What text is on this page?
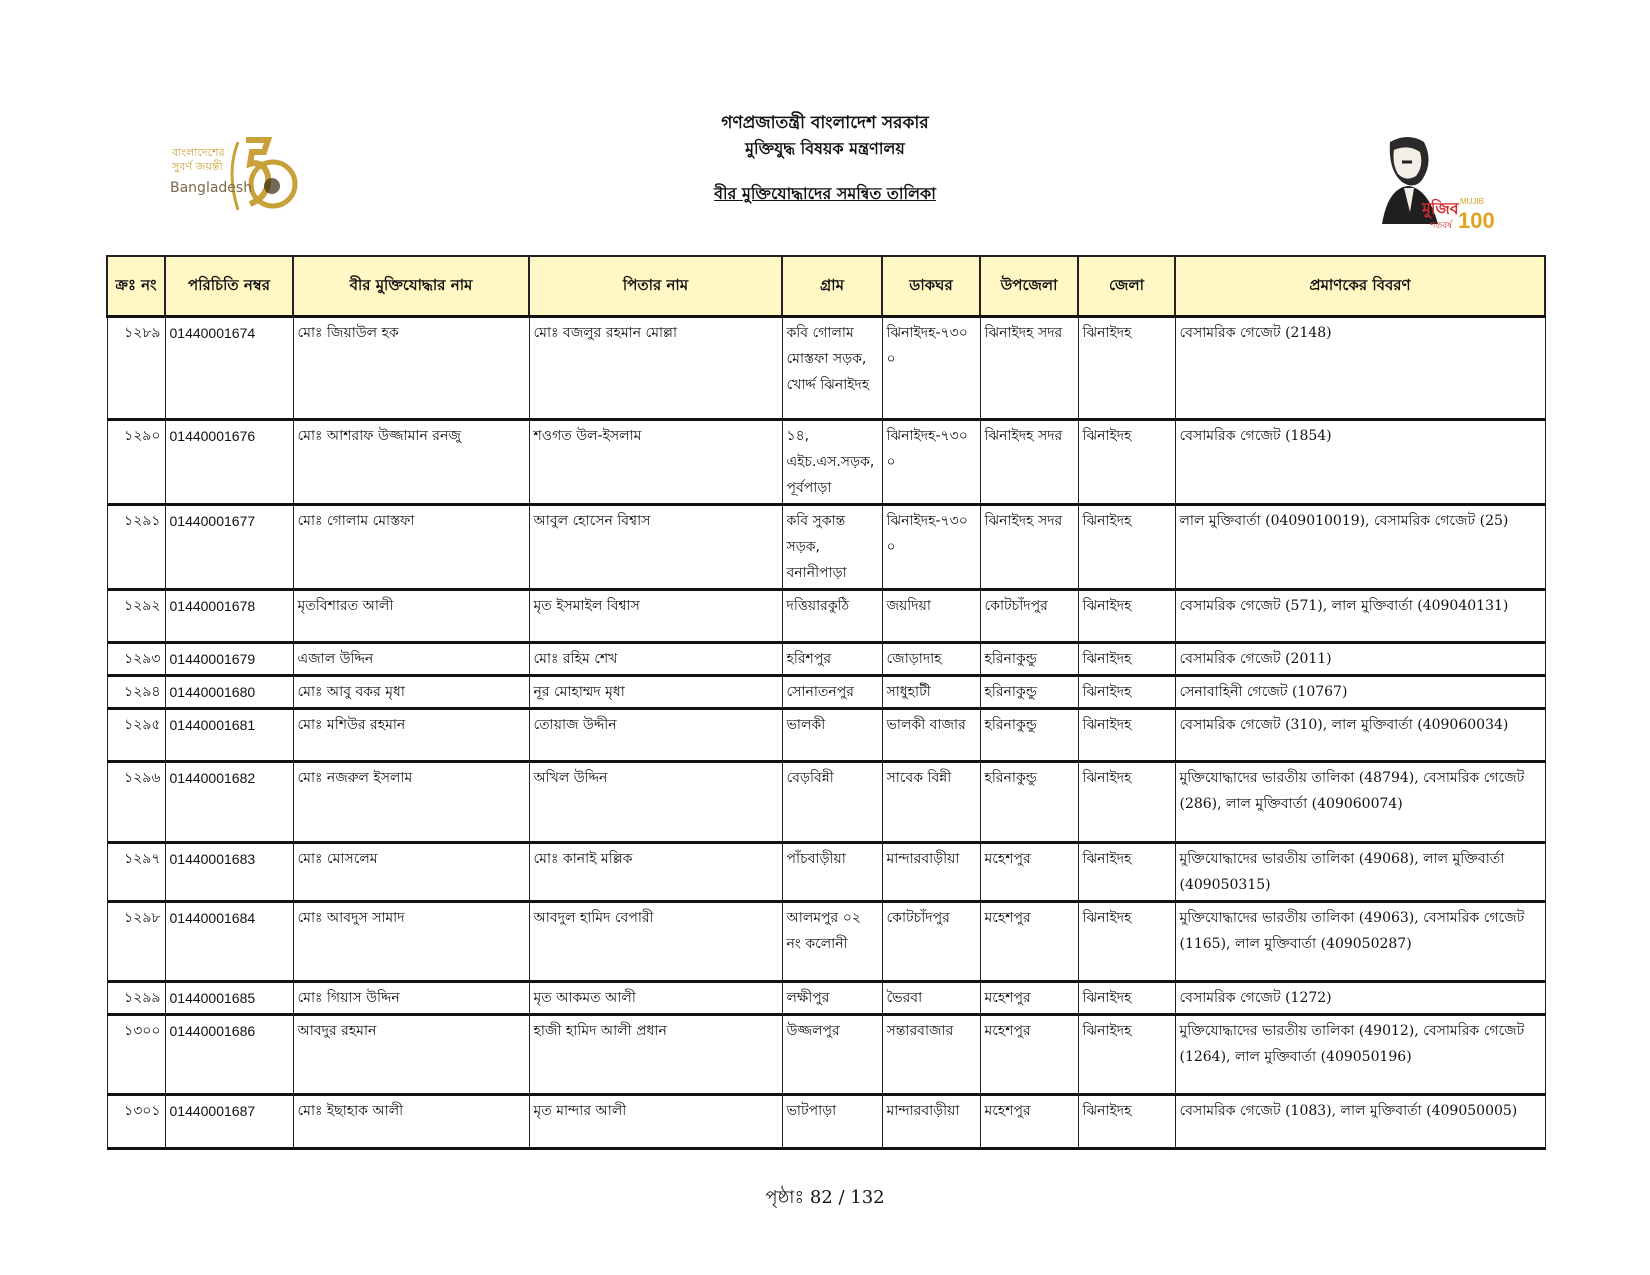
বাংলাদেশের
সুবর্ণ জয়ন্তী
Bangladesh

গণপ্রজাতন্ত্রী বাংলাদেশ সরকার

মুক্তিযুদ্ধ বিষয়ক মন্ত্রণালয়

বীর মুক্তিযোদ্ধাদের সমন্বিত তালিকা

মুজিব
শতবর্ষ
MUJIB
100
ক্রঃ নং	পরিচিতি নম্বর	বীর মুক্তিযোদ্ধার নাম	পিতার নাম	গ্রাম	ডাকঘর	উপজেলা	জেলা	প্রমাণকের বিবরণ
১২৮৯	01440001674	মোঃ জিয়াউল হক	মোঃ বজলুর রহমান মোল্লা	কবি গোলাম মোস্তফা সড়ক, খোর্দ্দ ঝিনাইদহ	ঝিনাইদহ-৭৩০০	ঝিনাইদহ সদর	ঝিনাইদহ	বেসামরিক গেজেট (2148)
১২৯০	01440001676	মোঃ আশরাফ উজ্জামান রনজু	শওগত উল-ইসলাম	১৪, এইচ.এস.সড়ক, পূর্বপাড়া	ঝিনাইদহ-৭৩০০	ঝিনাইদহ সদর	ঝিনাইদহ	বেসামরিক গেজেট (1854)
১২৯১	01440001677	মোঃ গোলাম মোস্তফা	আবুল হোসেন বিশ্বাস	কবি সুকান্ত সড়ক, বনানীপাড়া	ঝিনাইদহ-৭৩০০	ঝিনাইদহ সদর	ঝিনাইদহ	লাল মুক্তিবার্তা (0409010019), বেসামরিক গেজেট (25)
১২৯২	01440001678	মৃতবিশারত আলী	মৃত ইসমাইল বিশ্বাস	দত্তিয়ারকুঠি	জয়দিয়া	কোটচাঁদপুর	ঝিনাইদহ	বেসামরিক গেজেট (571), লাল মুক্তিবার্তা (409040131)
১২৯৩	01440001679	এজাল উদ্দিন	মোঃ রহিম শেখ	হরিশপুর	জোড়াদাহ	হরিনাকুন্ডু	ঝিনাইদহ	বেসামরিক গেজেট (2011)
১২৯৪	01440001680	মোঃ আবু বকর মৃধা	নূর মোহাম্মদ মৃধা	সোনাতনপুর	সাধুহাটী	হরিনাকুন্ডু	ঝিনাইদহ	সেনাবাহিনী গেজেট (10767)
১২৯৫	01440001681	মোঃ মশিউর রহমান	তোয়াজ উদ্দীন	ভালকী	ভালকী বাজার	হরিনাকুন্ডু	ঝিনাইদহ	বেসামরিক গেজেট (310), লাল মুক্তিবার্তা (409060034)
১২৯৬	01440001682	মোঃ নজরুল ইসলাম	অখিল উদ্দিন	বেড়বিন্নী	সাবেক বিন্নী	হরিনাকুন্ডু	ঝিনাইদহ	মুক্তিযোদ্ধাদের ভারতীয় তালিকা (48794), বেসামরিক গেজেট (286), লাল মুক্তিবার্তা (409060074)
১২৯৭	01440001683	মোঃ মোসলেম	মোঃ কানাই মল্লিক	পাঁচবাড়ীয়া	মান্দারবাড়ীয়া	মহেশপুর	ঝিনাইদহ	মুক্তিযোদ্ধাদের ভারতীয় তালিকা (49068), লাল মুক্তিবার্তা (409050315)
১২৯৮	01440001684	মোঃ আবদুস সামাদ	আবদুল হামিদ বেপারী	আলমপুর ০২ নং কলোনী	কোটচাঁদপুর	মহেশপুর	ঝিনাইদহ	মুক্তিযোদ্ধাদের ভারতীয় তালিকা (49063), বেসামরিক গেজেট (1165), লাল মুক্তিবার্তা (409050287)
১২৯৯	01440001685	মোঃ গিয়াস উদ্দিন	মৃত আকমত আলী	লক্ষীপুর	ভৈরবা	মহেশপুর	ঝিনাইদহ	বেসামরিক গেজেট (1272)
১৩০০	01440001686	আবদুর রহমান	হাজী হামিদ আলী প্রধান	উজ্জলপুর	সন্তারবাজার	মহেশপুর	ঝিনাইদহ	মুক্তিযোদ্ধাদের ভারতীয় তালিকা (49012), বেসামরিক গেজেট (1264), লাল মুক্তিবার্তা (409050196)
১৩০১	01440001687	মোঃ ইছাহাক আলী	মৃত মান্দার আলী	ভাটপাড়া	মান্দারবাড়ীয়া	মহেশপুর	ঝিনাইদহ	বেসামরিক গেজেট (1083), লাল মুক্তিবার্তা (409050005)
পৃষ্ঠাঃ 82 / 132
